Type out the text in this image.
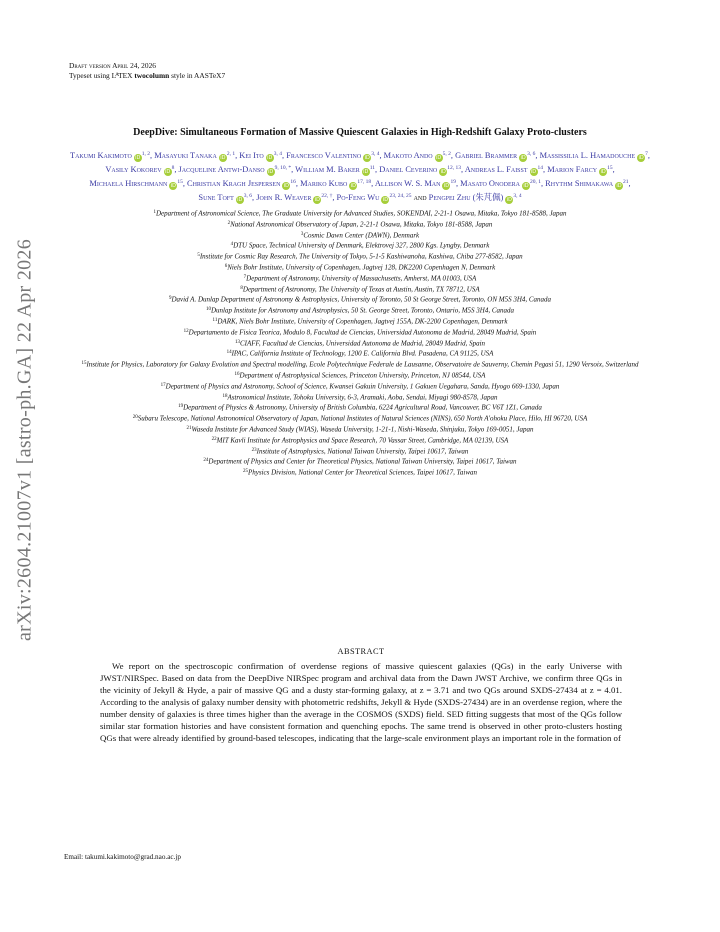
arXiv:2604.21007v1 [astro-ph.GA] 22 Apr 2026
Draft version April 24, 2026
Typeset using $L^ATEX$ twocolumn style in AASTeX7
DeepDive: Simultaneous Formation of Massive Quiescent Galaxies in High-Redshift Galaxy Proto-clusters
Takumi Kakimoto iD$^{1, 2}$, Masayuki Tanaka iD$^{2, 1}$, Kei Ito iD$^{3, 4}$, Francesco Valentino iD$^{3, 4}$, Makoto Ando iD$^{5, 2}$, Gabriel Brammer iD$^{3, 6}$, Massissilia L. Hamadouche $iD^7$, Vasily Kokorev $iD^8$, Jacqueline Antwi-Danso $iD^{9, 10, *}$, William M. Baker $iD^{11}$, Daniel Ceverino iD$^{12, 13}$, Andreas L. Faisst $iD^{14}$, Marion Farcy $iD^{15}$, Michaela Hirschmann $iD^{15}$, Christian Kragh Jespersen $iD^{16}$, Mariko Kubo iD$^{17, 18}$, Allison W. S. Man $iD^{19}$, Masato Onodera iD$^{20, 1}$, Rhythm Shimakawa $iD^{21}$, Sune Toft iD$^{3, 6}$, John R. Weaver $iD^{22, \dagger}$, Po-Feng Wu iD$^{23, 24, 25}$ and Pengpei Zhu (朱芃佩) iD$^{3, 4}$
$^1$Department of Astronomical Science, The Graduate University for Advanced Studies, SOKENDAI, 2-21-1 Osawa, Mitaka, Tokyo 181-8588, Japan
$^2$National Astronomical Observatory of Japan, 2-21-1 Osawa, Mitaka, Tokyo 181-8588, Japan
$^3$Cosmic Dawn Center (DAWN), Denmark
$^4$DTU Space, Technical University of Denmark, Elektrovej 327, 2800 Kgs. Lyngby, Denmark
$^5$Institute for Cosmic Ray Research, The University of Tokyo, 5-1-5 Kashiwanoha, Kashiwa, Chiba 277-8582, Japan
$^6$Niels Bohr Institute, University of Copenhagen, Jagtvej 128, DK2200 Copenhagen N, Denmark
$^7$Department of Astronomy, University of Massachusetts, Amherst, MA 01003, USA
$^8$Department of Astronomy, The University of Texas at Austin, Austin, TX 78712, USA
$^9$David A. Dunlap Department of Astronomy & Astrophysics, University of Toronto, 50 St George Street, Toronto, ON M5S 3H4, Canada
$^{10}$Dunlap Institute for Astronomy and Astrophysics, 50 St. George Street, Toronto, Ontario, M5S 3H4, Canada
$^{11}$DARK, Niels Bohr Institute, University of Copenhagen, Jagtvej 155A, DK-2200 Copenhagen, Denmark
$^{12}$Departamento de Fisica Teorica, Modulo 8, Facultad de Ciencias, Universidad Autonoma de Madrid, 28049 Madrid, Spain
$^{13}$CIAFF, Facultad de Ciencias, Universidad Autonoma de Madrid, 28049 Madrid, Spain
$^{14}$IPAC, California Institute of Technology, 1200 E. California Blvd. Pasadena, CA 91125, USA
$^{15}$Institute for Physics, Laboratory for Galaxy Evolution and Spectral modelling, Ecole Polytechnique Federale de Lausanne, Observatoire de Sauverny, Chemin Pegasi 51, 1290 Versoix, Switzerland
$^{16}$Department of Astrophysical Sciences, Princeton University, Princeton, NJ 08544, USA
$^{17}$Department of Physics and Astronomy, School of Science, Kwansei Gakuin University, 1 Gakuen Uegahara, Sanda, Hyogo 669-1330, Japan
$^{18}$Astronomical Institute, Tohoku University, 6-3, Aramaki, Aoba, Sendai, Miyagi 980-8578, Japan
$^{19}$Department of Physics & Astronomy, University of British Columbia, 6224 Agricultural Road, Vancouver, BC V6T 1Z1, Canada
$^{20}$Subaru Telescope, National Astronomical Observatory of Japan, National Institutes of Natural Sciences (NINS), 650 North A'ohoku Place, Hilo, HI 96720, USA
$^{21}$Waseda Institute for Advanced Study (WIAS), Waseda University, 1-21-1, Nishi-Waseda, Shinjuku, Tokyo 169-0051, Japan
$^{22}$MIT Kavli Institute for Astrophysics and Space Research, 70 Vassar Street, Cambridge, MA 02139, USA
$^{23}$Institute of Astrophysics, National Taiwan University, Taipei 10617, Taiwan
$^{24}$Department of Physics and Center for Theoretical Physics, National Taiwan University, Taipei 10617, Taiwan
$^{25}$Physics Division, National Center for Theoretical Sciences, Taipei 10617, Taiwan
ABSTRACT
We report on the spectroscopic confirmation of overdense regions of massive quiescent galaxies (QGs) in the early Universe with JWST/NIRSpec. Based on data from the DeepDive NIRSpec program and archival data from the Dawn JWST Archive, we confirm three QGs in the vicinity of Jekyll & Hyde, a pair of massive QG and a dusty star-forming galaxy, at z = 3.71 and two QGs around SXDS-27434 at z = 4.01. According to the analysis of galaxy number density with photometric redshifts, Jekyll & Hyde (SXDS-27434) are in an overdense region, where the number density of galaxies is three times higher than the average in the COSMOS (SXDS) field. SED fitting suggests that most of the QGs follow similar star formation histories and have consistent formation and quenching epochs. The same trend is observed in other proto-clusters hosting QGs that were already identified by ground-based telescopes, indicating that the large-scale environment plays an important role in the formation of
Email: takumi.kakimoto@grad.nao.ac.jp
